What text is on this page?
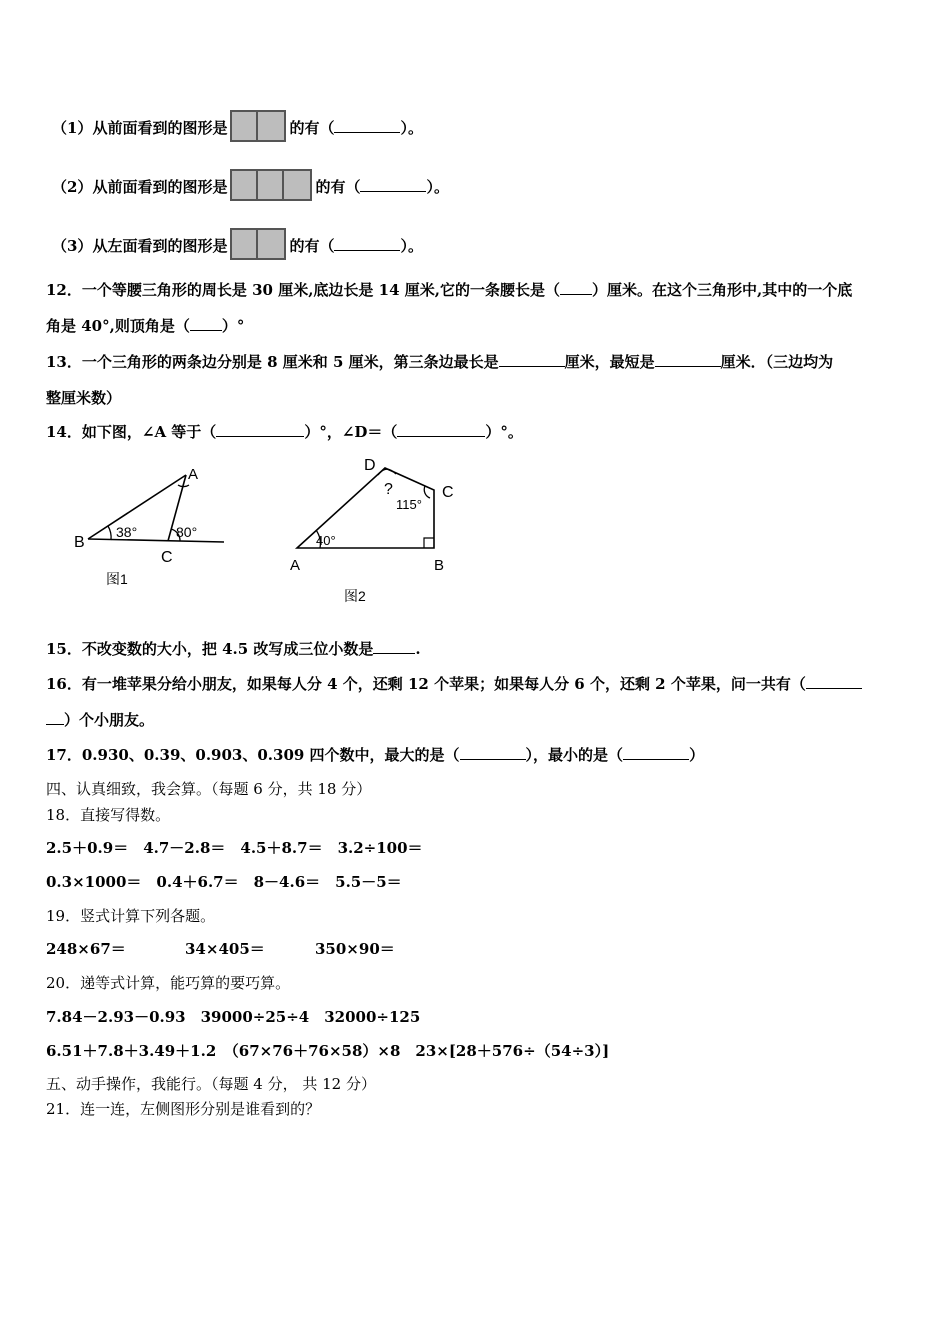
（1）从前面看到的图形是	的有（	）。
（2）从前面看到的图形是	的有（	）。
（3）从左面看到的图形是	的有（	）。
12．一个等腰三角形的周长是 30 厘米,底边长是 14 厘米,它的一条腰长是（ ）厘米。在这个三角形中,其中的一个底
角是 40°,则顶角是（ ）°
13．一个三角形的两条边分别是 8 厘米和 5 厘米，第三条边最长是	厘米，最短是	厘米．（三边均为
整厘米数）
14．如下图，∠A 等于（	）°，∠D＝（	）°。
A
B
C
38°	80°
图1
D
C
A	B
?
115°
40°
图2
15．不改变数的大小，把 4.5 改写成三位小数是	.
16．有一堆苹果分给小朋友，如果每人分 4 个，还剩 12 个苹果；如果每人分 6 个，还剩 2 个苹果，问一共有（
）个小朋友。
17．0.930、0.39、0.903、0.309 四个数中，最大的是（	），最小的是（	）
四、认真细致，我会算。（每题 6 分，共 18 分）
18．直接写得数。
2.5＋0.9＝　4.7－2.8＝　4.5＋8.7＝　3.2÷100＝
0.3×1000＝　0.4＋6.7＝　8－4.6＝　5.5－5＝
19．竖式计算下列各题。
248×67＝	34×405＝	350×90＝
20．递等式计算，能巧算的要巧算。
7.84－2.93－0.93　39000÷25÷4　32000÷125
6.51＋7.8＋3.49＋1.2　（67×76＋76×58）×8　23×[28＋576÷（54÷3）]
五、动手操作，我能行。（每题 4 分， 共 12 分）
21．连一连，左侧图形分别是谁看到的？
